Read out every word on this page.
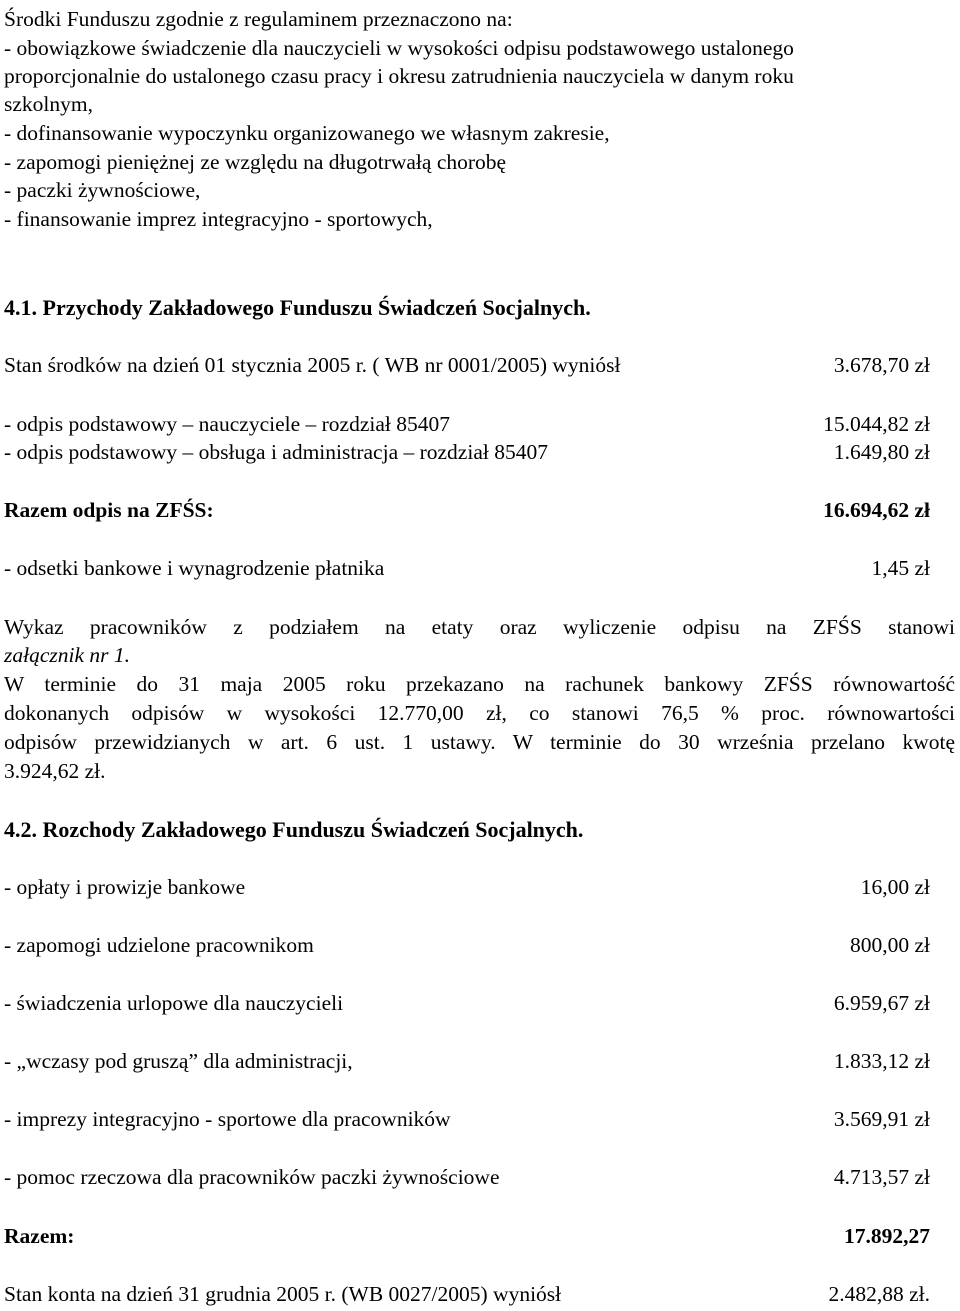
Środki Funduszu zgodnie z regulaminem przeznaczono na:
- obowiązkowe świadczenie dla nauczycieli w wysokości odpisu podstawowego ustalonego
proporcjonalnie do ustalonego czasu pracy i okresu zatrudnienia nauczyciela w danym roku
szkolnym,
- dofinansowanie wypoczynku organizowanego we własnym zakresie,
- zapomogi pieniężnej ze względu na długotrwałą chorobę
- paczki żywnościowe,
- finansowanie imprez integracyjno - sportowych,
4.1. Przychody Zakładowego Funduszu Świadczeń Socjalnych.
Stan środków na dzień 01 stycznia 2005 r. ( WB nr 0001/2005) wyniósł	3.678,70 zł
- odpis podstawowy – nauczyciele – rozdział 85407	15.044,82 zł
- odpis podstawowy – obsługa i administracja – rozdział 85407	1.649,80 zł
Razem odpis na ZFŚS:	16.694,62 zł
- odsetki bankowe i wynagrodzenie płatnika	1,45 zł
Wykaz pracowników z podziałem na etaty oraz wyliczenie odpisu na ZFŚS stanowi
załącznik nr 1.
W terminie do 31 maja 2005 roku przekazano na rachunek bankowy ZFŚS równowartość
dokonanych odpisów w wysokości 12.770,00 zł, co stanowi 76,5 % proc. równowartości
odpisów przewidzianych w art. 6 ust. 1 ustawy. W terminie do 30 września przelano kwotę
3.924,62 zł.
4.2. Rozchody Zakładowego Funduszu Świadczeń Socjalnych.
- opłaty i prowizje bankowe	16,00 zł
- zapomogi udzielone pracownikom	800,00 zł
- świadczenia urlopowe dla nauczycieli	6.959,67 zł
- „wczasy pod gruszą” dla administracji,	1.833,12 zł
- imprezy integracyjno - sportowe dla pracowników	3.569,91 zł
- pomoc rzeczowa dla pracowników paczki żywnościowe	4.713,57 zł
Razem:	17.892,27
Stan konta na dzień 31 grudnia 2005 r. (WB 0027/2005) wyniósł	2.482,88 zł.
